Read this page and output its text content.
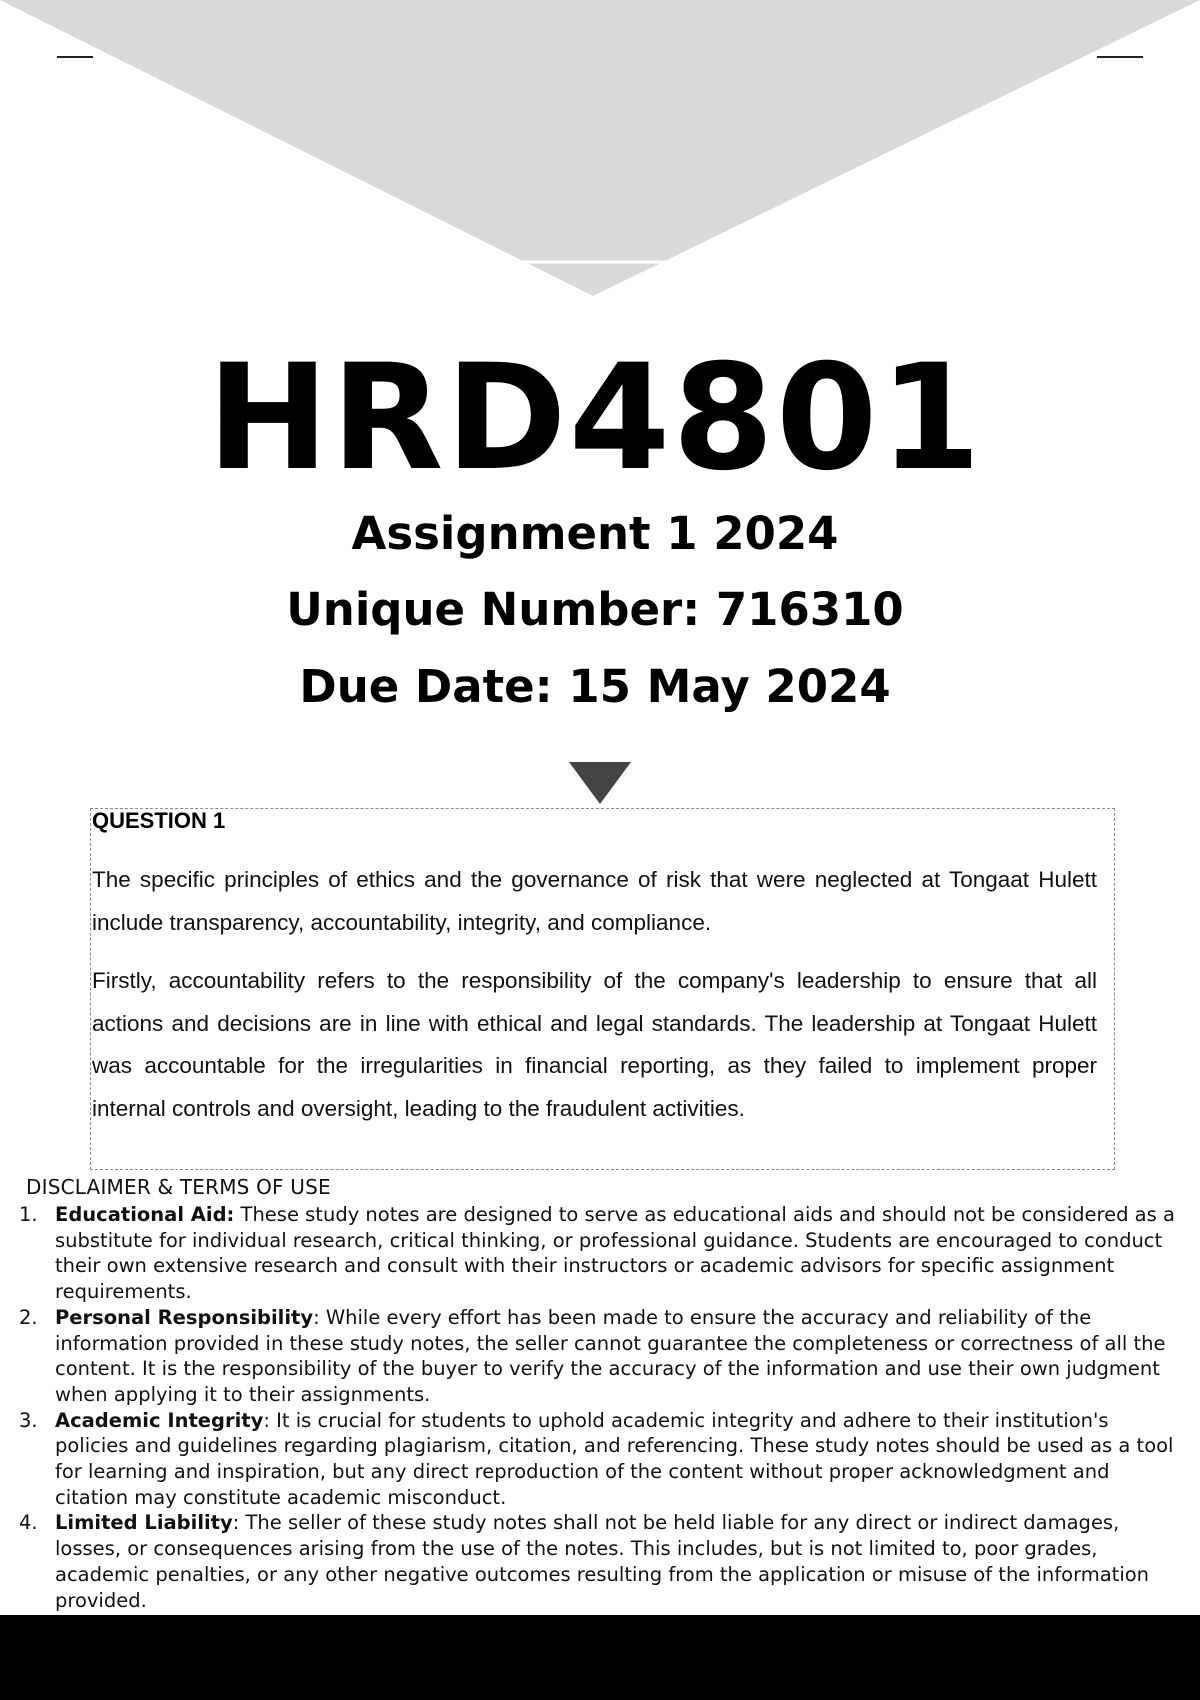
HRD4801
Assignment 1 2024
Unique Number: 716310
Due Date: 15 May 2024
QUESTION 1

The specific principles of ethics and the governance of risk that were neglected at Tongaat Hulett include transparency, accountability, integrity, and compliance.

Firstly, accountability refers to the responsibility of the company's leadership to ensure that all actions and decisions are in line with ethical and legal standards. The leadership at Tongaat Hulett was accountable for the irregularities in financial reporting, as they failed to implement proper internal controls and oversight, leading to the fraudulent activities.

DISCLAIMER & TERMS OF USE
1. Educational Aid: These study notes are designed to serve as educational aids and should not be considered as a substitute for individual research, critical thinking, or professional guidance. Students are encouraged to conduct their own extensive research and consult with their instructors or academic advisors for specific assignment requirements.
2. Personal Responsibility: While every effort has been made to ensure the accuracy and reliability of the information provided in these study notes, the seller cannot guarantee the completeness or correctness of all the content. It is the responsibility of the buyer to verify the accuracy of the information and use their own judgment when applying it to their assignments.
3. Academic Integrity: It is crucial for students to uphold academic integrity and adhere to their institution's policies and guidelines regarding plagiarism, citation, and referencing. These study notes should be used as a tool for learning and inspiration, but any direct reproduction of the content without proper acknowledgment and citation may constitute academic misconduct.
4. Limited Liability: The seller of these study notes shall not be held liable for any direct or indirect damages, losses, or consequences arising from the use of the notes. This includes, but is not limited to, poor grades, academic penalties, or any other negative outcomes resulting from the application or misuse of the information provided.
